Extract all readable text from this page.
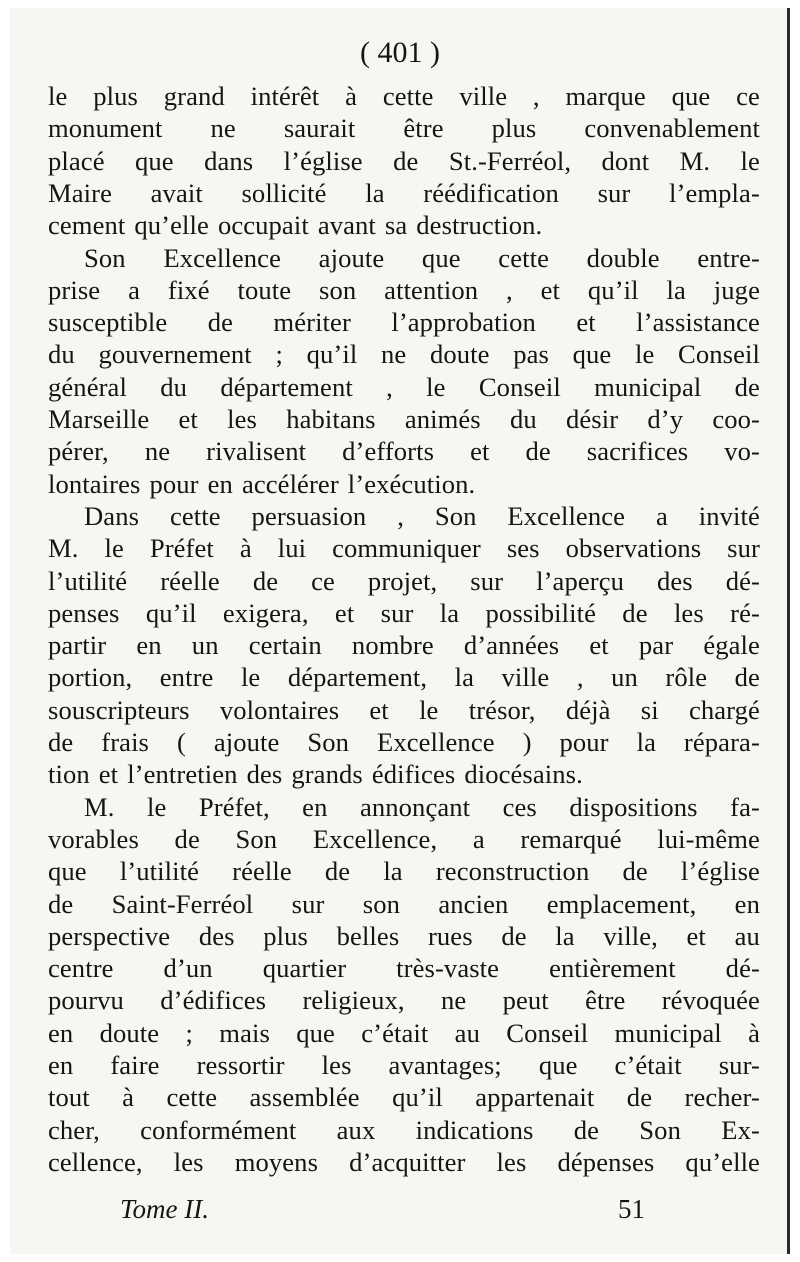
( 401 )
le plus grand intérêt à cette ville , marque que ce
monument ne saurait être plus convenablement
placé que dans l’église de St.-Ferréol, dont M. le
Maire avait sollicité la réédification sur l’empla-
cement qu’elle occupait avant sa destruction.
Son Excellence ajoute que cette double entre-
prise a fixé toute son attention , et qu’il la juge
susceptible de mériter l’approbation et l’assistance
du gouvernement ; qu’il ne doute pas que le Conseil
général du département , le Conseil municipal de
Marseille et les habitans animés du désir d’y coo-
pérer, ne rivalisent d’efforts et de sacrifices vo-
lontaires pour en accélérer l’exécution.
Dans cette persuasion , Son Excellence a invité
M. le Préfet à lui communiquer ses observations sur
l’utilité réelle de ce projet, sur l’aperçu des dé-
penses qu’il exigera, et sur la possibilité de les ré-
partir en un certain nombre d’années et par égale
portion, entre le département, la ville , un rôle de
souscripteurs volontaires et le trésor, déjà si chargé
de frais ( ajoute Son Excellence ) pour la répara-
tion et l’entretien des grands édifices diocésains.
M. le Préfet, en annonçant ces dispositions fa-
vorables de Son Excellence, a remarqué lui-même
que l’utilité réelle de la reconstruction de l’église
de Saint-Ferréol sur son ancien emplacement, en
perspective des plus belles rues de la ville, et au
centre d’un quartier très-vaste entièrement dé-
pourvu d’édifices religieux, ne peut être révoquée
en doute ; mais que c’était au Conseil municipal à
en faire ressortir les avantages; que c’était sur-
tout à cette assemblée qu’il appartenait de recher-
cher, conformément aux indications de Son Ex-
cellence, les moyens d’acquitter les dépenses qu’elle
Tome II.	51
